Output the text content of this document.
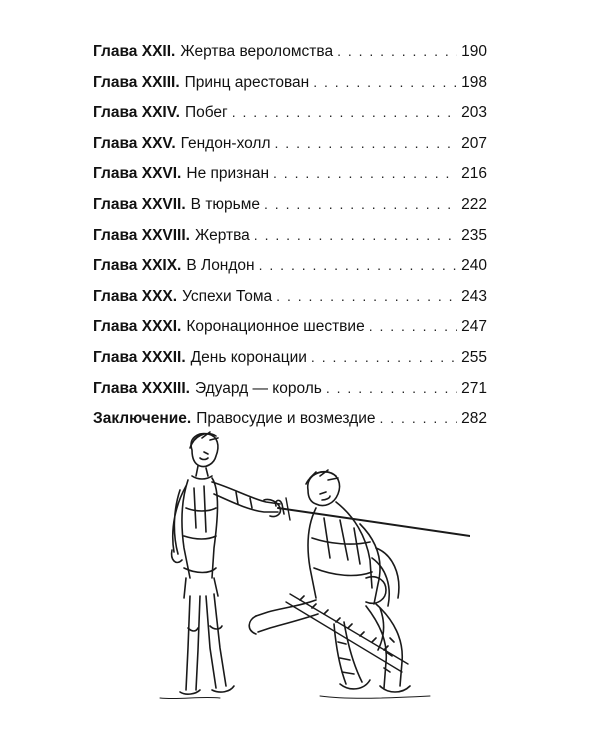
Глава XXII. Жертва вероломства . . .	190
Глава XXIII. Принц арестован . . .	198
Глава XXIV. Побег . . .	203
Глава XXV. Гендон-холл . . .	207
Глава XXVI. Не признан . . .	216
Глава XXVII. В тюрьме . . .	222
Глава XXVIII. Жертва . . .	235
Глава XXIX. В Лондон . . .	240
Глава XXX. Успехи Тома . . .	243
Глава XXXI. Коронационное шествие . . .	247
Глава XXXII. День коронации . . .	255
Глава XXXIII. Эдуард — король . . .	271
Заключение. Правосудие и возмездие . . .	282
